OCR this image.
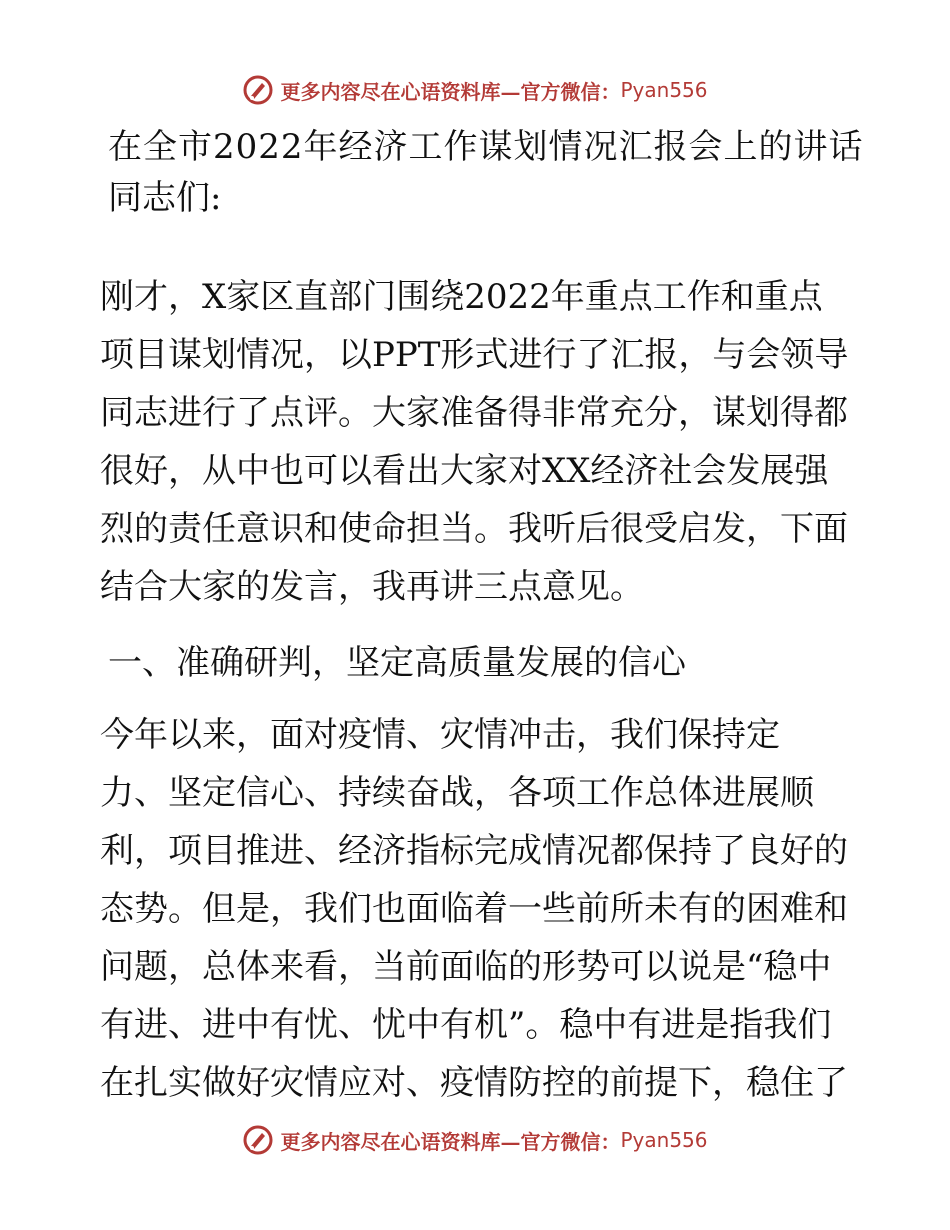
更多内容尽在心语资料库—官方微信： Pyan556
在全市2022年经济工作谋划情况汇报会上的讲话
同志们:
刚才，X家区直部门围绕2022年重点工作和重点
项目谋划情况，以PPT形式进行了汇报，与会领导
同志进行了点评。大家准备得非常充分，谋划得都
很好，从中也可以看出大家对XX经济社会发展强
烈的责任意识和使命担当。我听后很受启发，下面
结合大家的发言，我再讲三点意见。
一、准确研判，坚定高质量发展的信心
今年以来，面对疫情、灾情冲击，我们保持定
力、坚定信心、持续奋战，各项工作总体进展顺
利，项目推进、经济指标完成情况都保持了良好的
态势。但是，我们也面临着一些前所未有的困难和
问题，总体来看，当前面临的形势可以说是“稳中
有进、进中有忧、忧中有机”。稳中有进是指我们
在扎实做好灾情应对、疫情防控的前提下，稳住了
更多内容尽在心语资料库—官方微信： Pyan556
